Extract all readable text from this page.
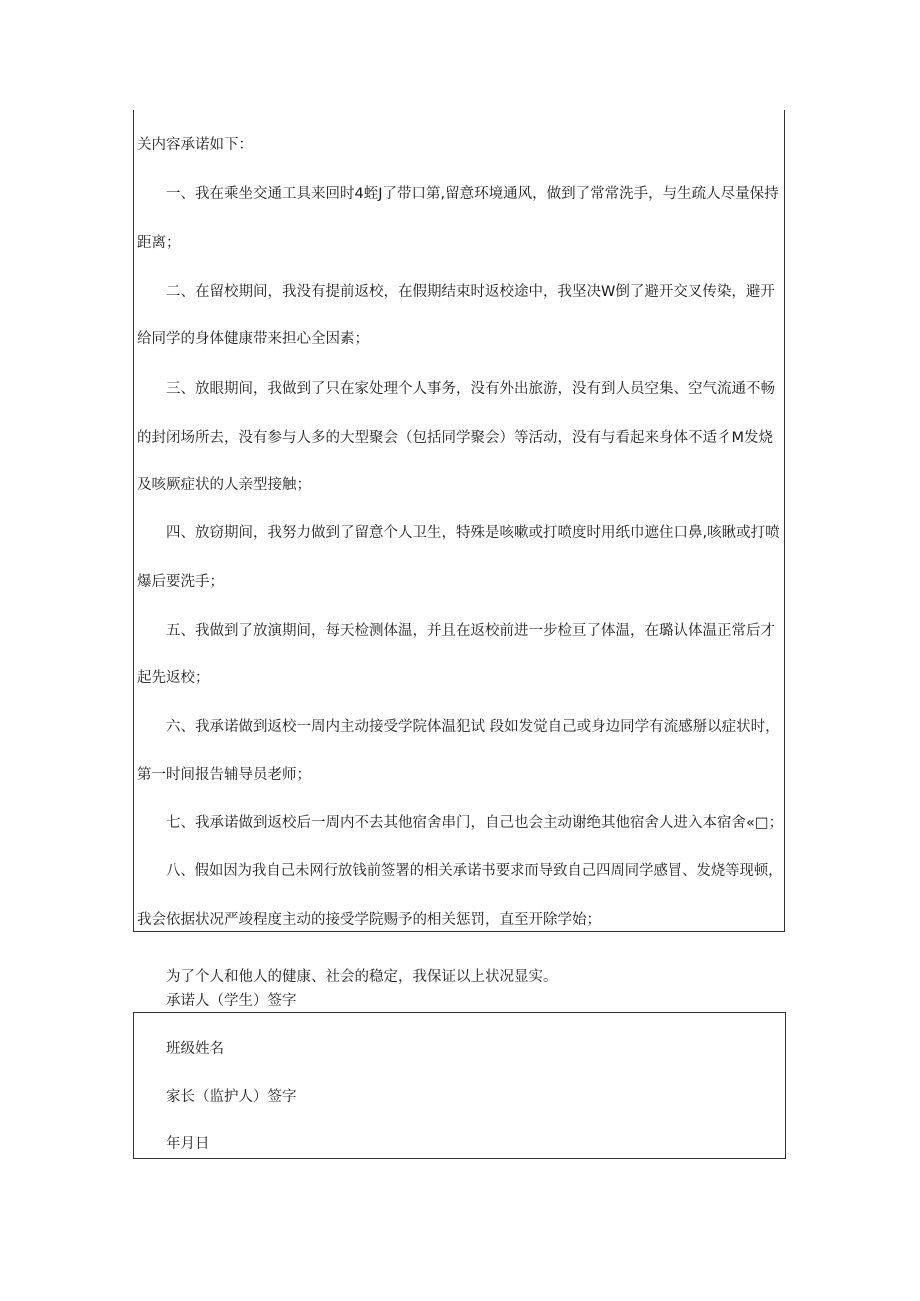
关内容承诺如下：
一、我在乘坐交通工具来回时4蛭J了带口第,留意环境通风，做到了常常洗手，与生疏人尽量保持
距离；
二、在留校期间，我没有提前返校，在假期结束时返校途中，我坚决W倒了避开交叉传染，避开
给同学的身体健康带来担心全因素；
三、放眼期间，我做到了只在家处理个人事务，没有外出旅游，没有到人员空集、空气流通不畅
的封闭场所去，没有参与人多的大型聚会（包括同学聚会）等活动，没有与看起来身体不适彳M发烧
及咳厥症状的人亲型接触；
四、放窃期间，我努力做到了留意个人卫生，特殊是咳嗽或打喷度时用纸巾遮住口鼻,咳瞅或打喷
爆后要洗手；
五、我做到了放演期间，每天检测体温，并且在返校前进一步检亘了体温，在璐认体温正常后才
起先返校；
六、我承诺做到返校一周内主动接受学院体温犯试 段如发觉自己或身边同学有流感掰以症状时，
第一时间报告辅导员老师；
七、我承诺做到返校后一周内不去其他宿舍串门，自己也会主动谢绝其他宿舍人进入本宿舍«□；
八、假如因为我自己未网行放钱前签署的相关承诺书要求而导致自己四周同学感冒、发烧等现顿，
我会依据状况严竣程度主动的接受学院赐予的相关惩罚，直至开除学始；
为了个人和他人的健康、社会的稳定，我保证以上状况显实。
承诺人（学生）签字
班级姓名
家长（监护人）签字
年月日
